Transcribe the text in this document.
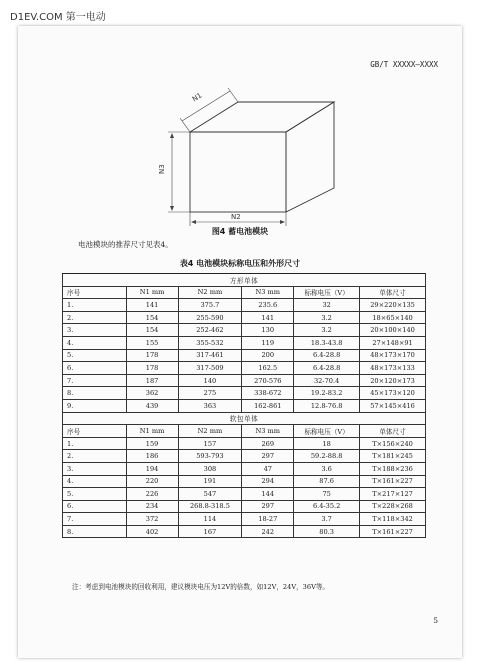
D1EV.COM 第一电动
GB/T XXXXX—XXXX
N1
N3
N2
图4 蓄电池模块
电池模块的推荐尺寸见表4。
表4 电池模块标称电压和外形尺寸
方形单体					
序号	N1 mm	N2 mm	N3 mm	标称电压（V）	单体尺寸
1.	141	375.7	235.6	32	29×220×135
2.	154	255-590	141	3.2	18×65×140
3.	154	252-462	130	3.2	20×100×140
4.	155	355-532	119	18.3-43.8	27×148×91
5.	178	317-461	200	6.4-28.8	48×173×170
6.	178	317-509	162.5	6.4-28.8	48×173×133
7.	187	140	270-576	32-70.4	20×120×173
8.	362	275	338-672	19.2-83.2	45×173×120
9.	439	363	162-861	12.8-76.8	57×145×416
软包单体					
序号	N1 mm	N2 mm	N3 mm	标称电压（V）	单体尺寸
1.	159	157	269	18	T×156×240
2.	186	593-793	297	59.2-88.8	T×181×245
3.	194	308	47	3.6	T×188×236
4.	220	191	294	87.6	T×161×227
5.	226	547	144	75	T×217×127
6.	234	268.8-318.5	297	6.4-35.2	T×228×268
7.	372	114	18-27	3.7	T×118×342
8.	402	167	242	80.3	T×161×227
注：考虑到电池模块的回收利用，建议模块电压为12V的倍数，如12V，24V，36V等。
5
